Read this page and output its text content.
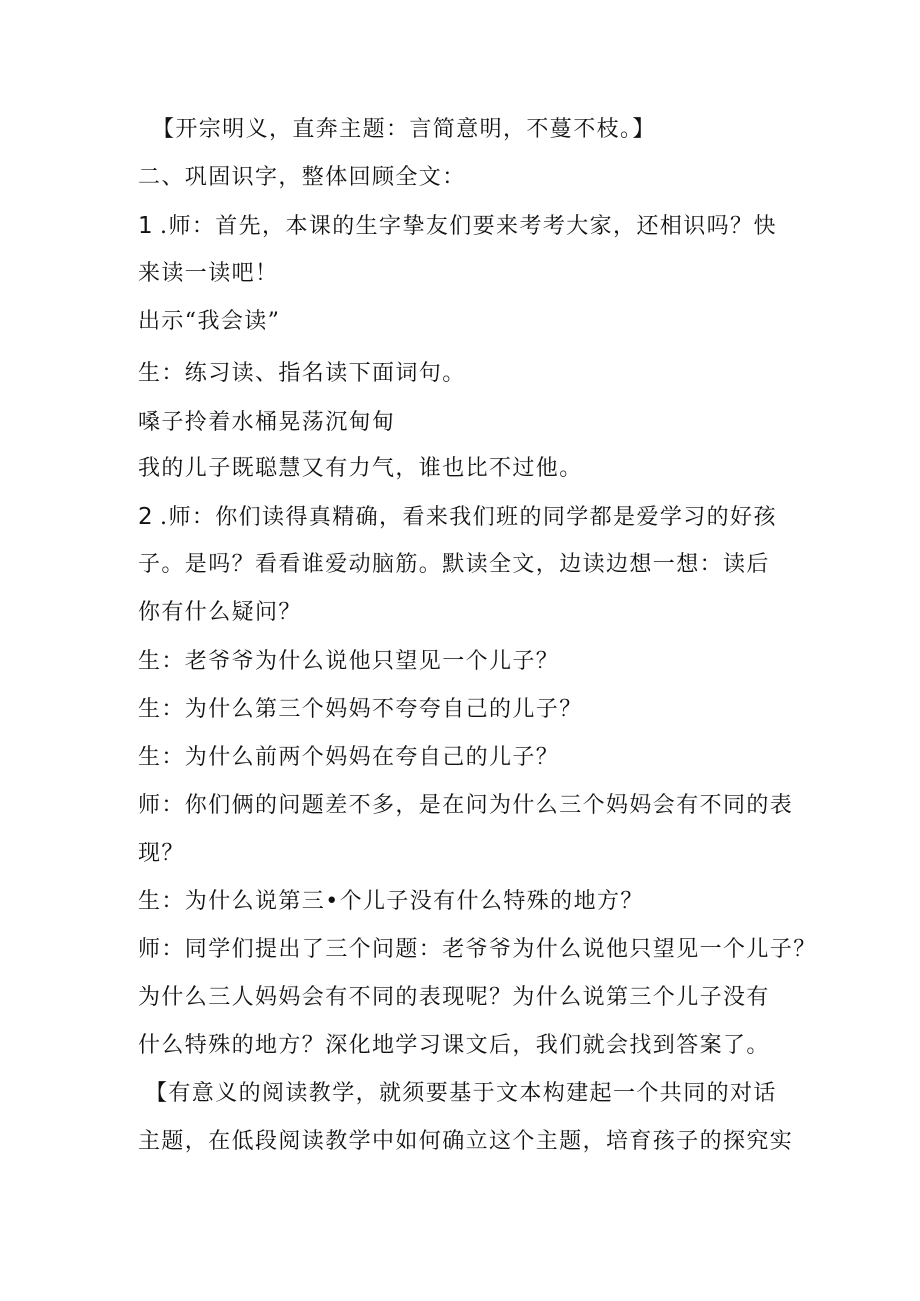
【开宗明义，直奔主题：言简意明，不蔓不枝。】

二、巩固识字，整体回顾全文：

1 .师：首先，本课的生字挚友们要来考考大家，还相识吗？快

来读一读吧！

出示“我会读”

生：练习读、指名读下面词句。

嗓子拎着水桶晃荡沉甸甸

我的儿子既聪慧又有力气，谁也比不过他。

2 .师：你们读得真精确，看来我们班的同学都是爱学习的好孩

子。是吗？看看谁爱动脑筋。默读全文，边读边想一想：读后

你有什么疑问？

生：老爷爷为什么说他只望见一个儿子？

生：为什么第三个妈妈不夸夸自己的儿子？

生：为什么前两个妈妈在夸自己的儿子？

师：你们俩的问题差不多，是在问为什么三个妈妈会有不同的表

现？

生：为什么说第三•个儿子没有什么特殊的地方？

师：同学们提出了三个问题：老爷爷为什么说他只望见一个儿子？

为什么三人妈妈会有不同的表现呢？为什么说第三个儿子没有

什么特殊的地方？深化地学习课文后，我们就会找到答案了。

【有意义的阅读教学，就须要基于文本构建起一个共同的对话

主题，在低段阅读教学中如何确立这个主题，培育孩子的探究实
